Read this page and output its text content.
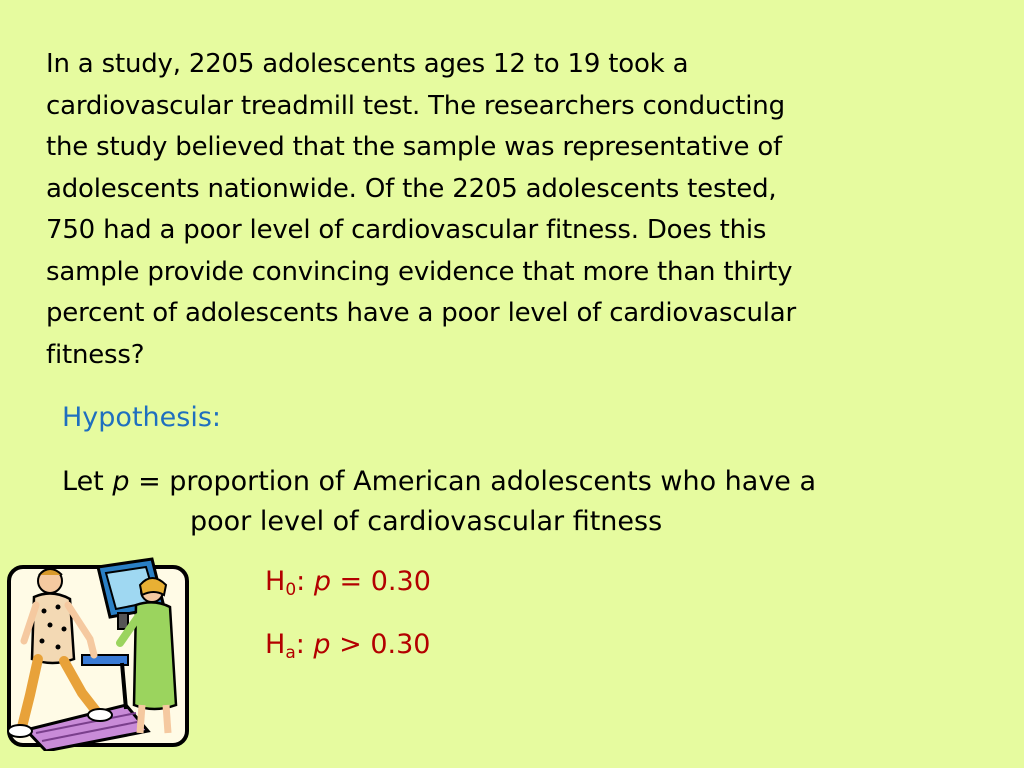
In a study, 2205 adolescents ages 12 to 19 took a
cardiovascular treadmill test. The researchers conducting
the study believed that the sample was representative of
adolescents nationwide. Of the 2205 adolescents tested,
750 had a poor level of cardiovascular fitness. Does this
sample provide convincing evidence that more than thirty
percent of adolescents have a poor level of cardiovascular
fitness?
Hypothesis:
Let p = proportion of American adolescents who have a
poor level of cardiovascular fitness
$H_0$: p = 0.30
$H_a$: p > 0.30
